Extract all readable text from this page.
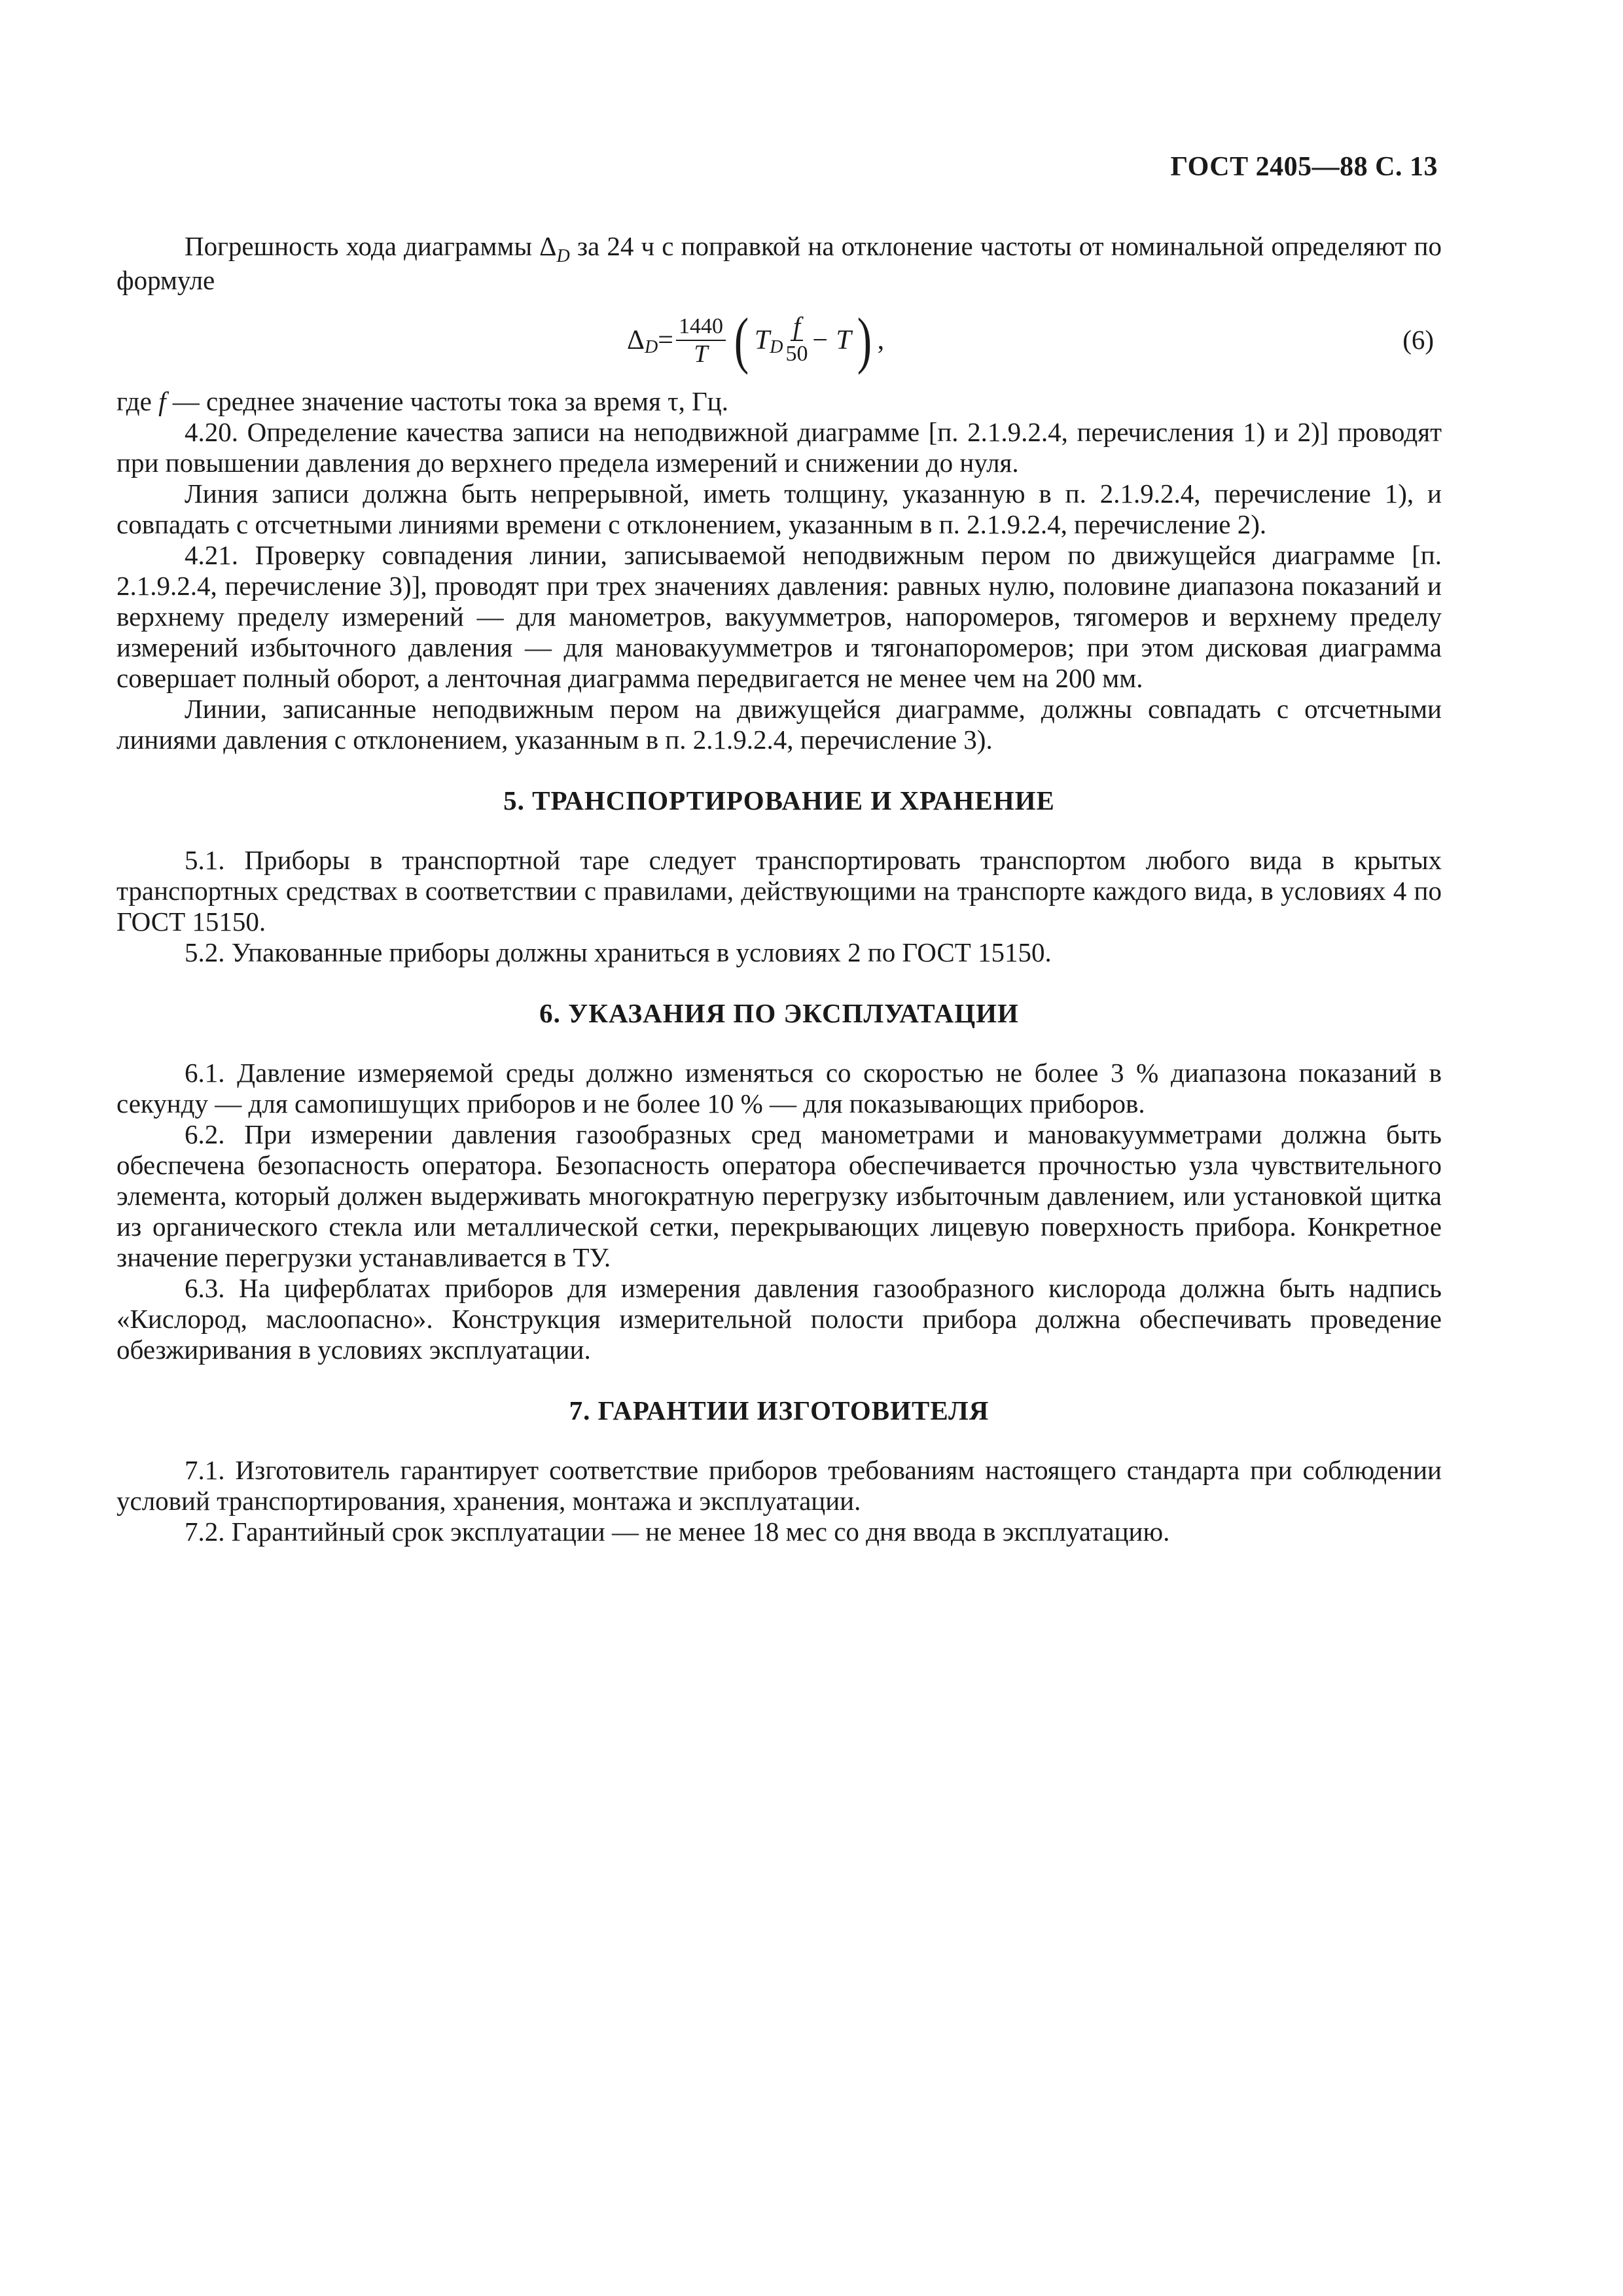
ГОСТ 2405—88 С. 13

Погрешность хода диаграммы $\Delta_D$ за 24 ч с поправкой на отклонение частоты от номинальной определяют по формуле

Δ $D = \frac{1440}{T}$ ( T D $\frac{f}{50} - T$ ) ,	(6)

где f — среднее значение частоты тока за время τ, Гц.

4.20. Определение качества записи на неподвижной диаграмме [п. 2.1.9.2.4, перечисления 1) и 2)] проводят при повышении давления до верхнего предела измерений и снижении до нуля.

Линия записи должна быть непрерывной, иметь толщину, указанную в п. 2.1.9.2.4, перечисление 1), и совпадать с отсчетными линиями времени с отклонением, указанным в п. 2.1.9.2.4, перечисление 2).

4.21. Проверку совпадения линии, записываемой неподвижным пером по движущейся диаграмме [п. 2.1.9.2.4, перечисление 3)], проводят при трех значениях давления: равных нулю, половине диапазона показаний и верхнему пределу измерений — для манометров, вакуумметров, напоромеров, тягомеров и верхнему пределу измерений избыточного давления — для мановакуумметров и тягонапоромеров; при этом дисковая диаграмма совершает полный оборот, а ленточная диаграмма передвигается не менее чем на 200 мм.

Линии, записанные неподвижным пером на движущейся диаграмме, должны совпадать с отсчетными линиями давления с отклонением, указанным в п. 2.1.9.2.4, перечисление 3).

5. ТРАНСПОРТИРОВАНИЕ И ХРАНЕНИЕ

5.1. Приборы в транспортной таре следует транспортировать транспортом любого вида в крытых транспортных средствах в соответствии с правилами, действующими на транспорте каждого вида, в условиях 4 по ГОСТ 15150.

5.2. Упакованные приборы должны храниться в условиях 2 по ГОСТ 15150.

6. УКАЗАНИЯ ПО ЭКСПЛУАТАЦИИ

6.1. Давление измеряемой среды должно изменяться со скоростью не более 3 % диапазона показаний в секунду — для самопишущих приборов и не более 10 % — для показывающих приборов.

6.2. При измерении давления газообразных сред манометрами и мановакуумметрами должна быть обеспечена безопасность оператора. Безопасность оператора обеспечивается прочностью узла чувствительного элемента, который должен выдерживать многократную перегрузку избыточным давлением, или установкой щитка из органического стекла или металлической сетки, перекрывающих лицевую поверхность прибора. Конкретное значение перегрузки устанавливается в ТУ.

6.3. На циферблатах приборов для измерения давления газообразного кислорода должна быть надпись «Кислород, маслоопасно». Конструкция измерительной полости прибора должна обеспечивать проведение обезжиривания в условиях эксплуатации.

7. ГАРАНТИИ ИЗГОТОВИТЕЛЯ

7.1. Изготовитель гарантирует соответствие приборов требованиям настоящего стандарта при соблюдении условий транспортирования, хранения, монтажа и эксплуатации.

7.2. Гарантийный срок эксплуатации — не менее 18 мес со дня ввода в эксплуатацию.
